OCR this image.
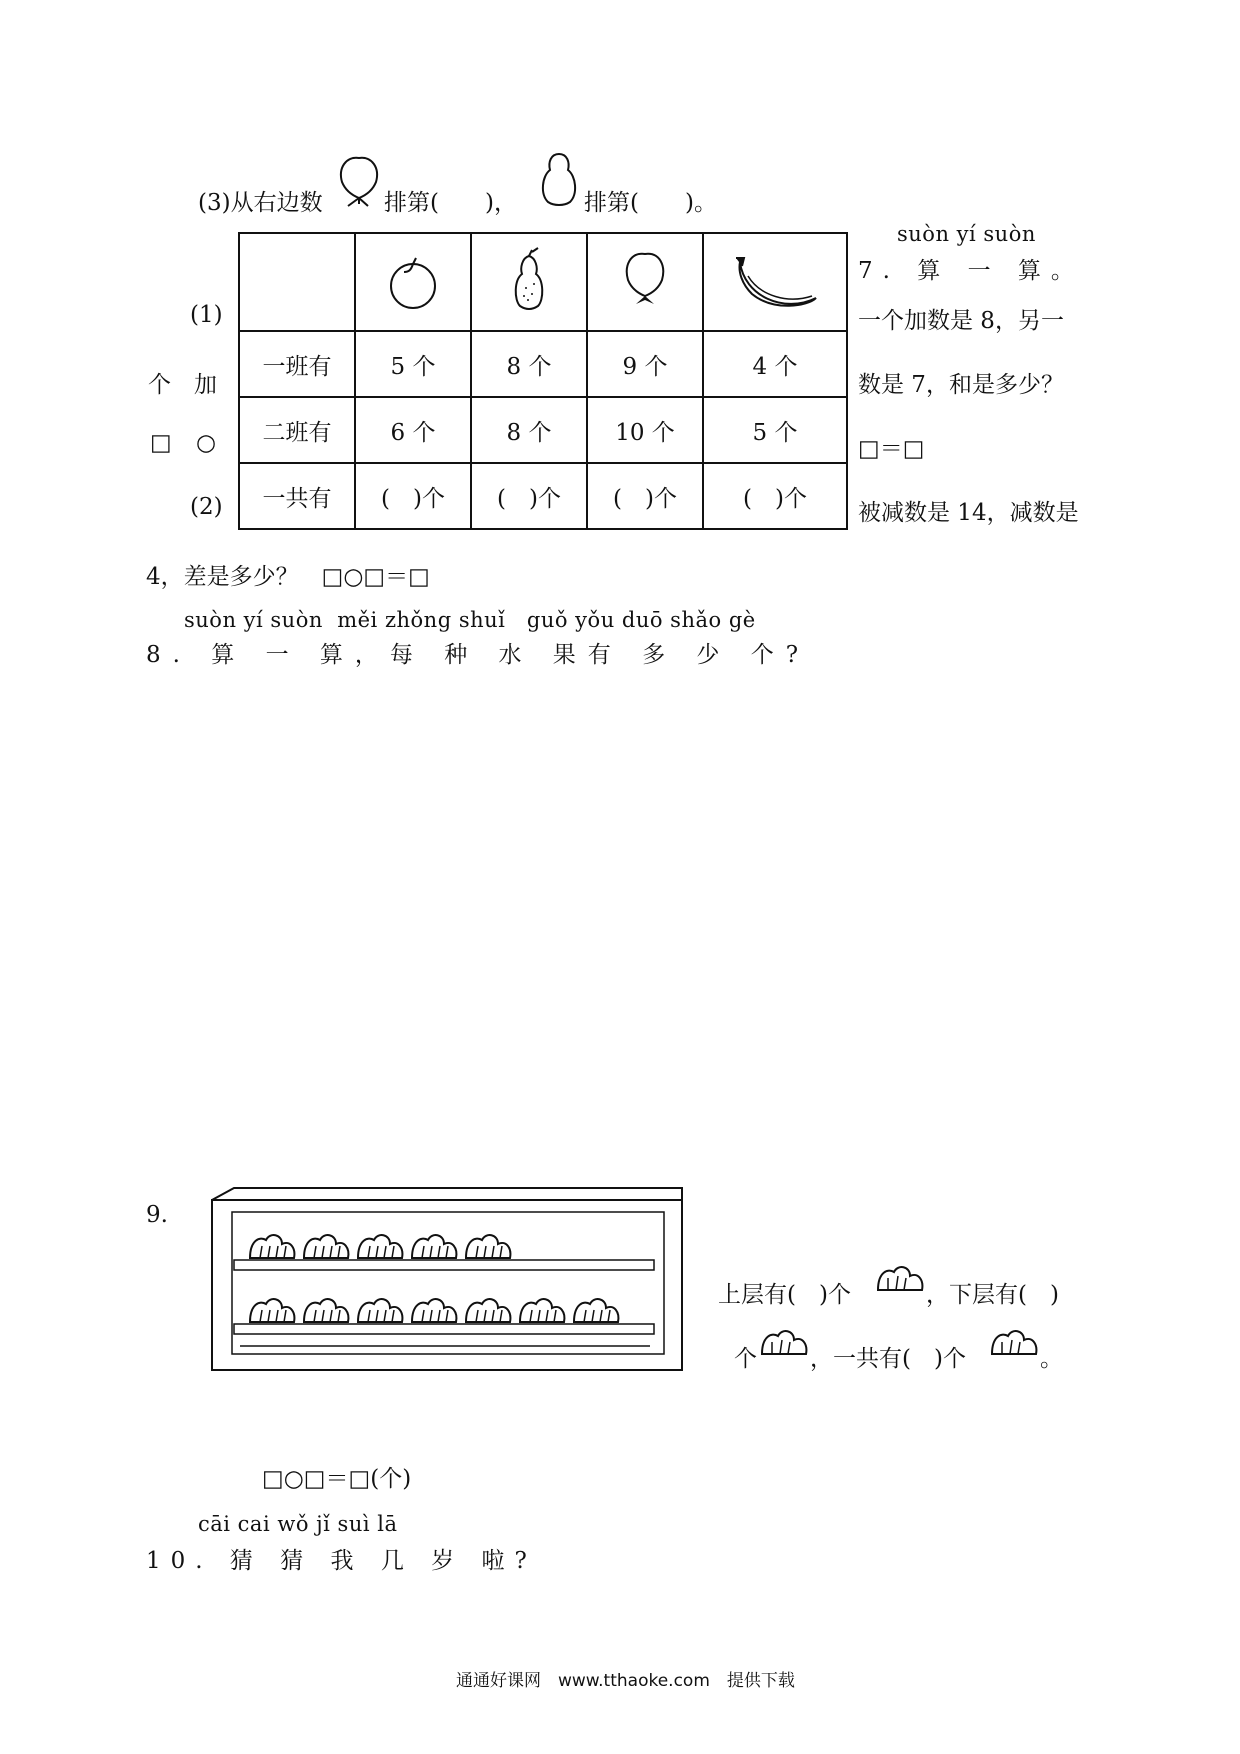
(3)从右边数	排第(　　)，	排第(　　)。
(1)
个 加
□ ○
(2)

一班有	5 个	8 个	9 个	4 个
二班有	6 个	8 个	10 个	5 个
一共有	(　)个	(　)个	(　)个	(　)个
suòn yí suòn
7. 算 一 算。
一个加数是 8，另一
数是 7，和是多少？
□＝□
被减数是 14，减数是
4，差是多少？　□○□＝□
suòn yí suòn  měi zhǒng shuǐ   guǒ yǒu duō shǎo gè
8. 算 一 算，每 种 水 果有 多 少 个?
9.
上层有(　)个	，下层有(　)
个 ，一共有(　)个	。
□○□＝□(个)
cāi cai wǒ jǐ suì lā
10. 猜 猜 我 几 岁 啦?
通通好课网　www.tthaoke.com　提供下载
